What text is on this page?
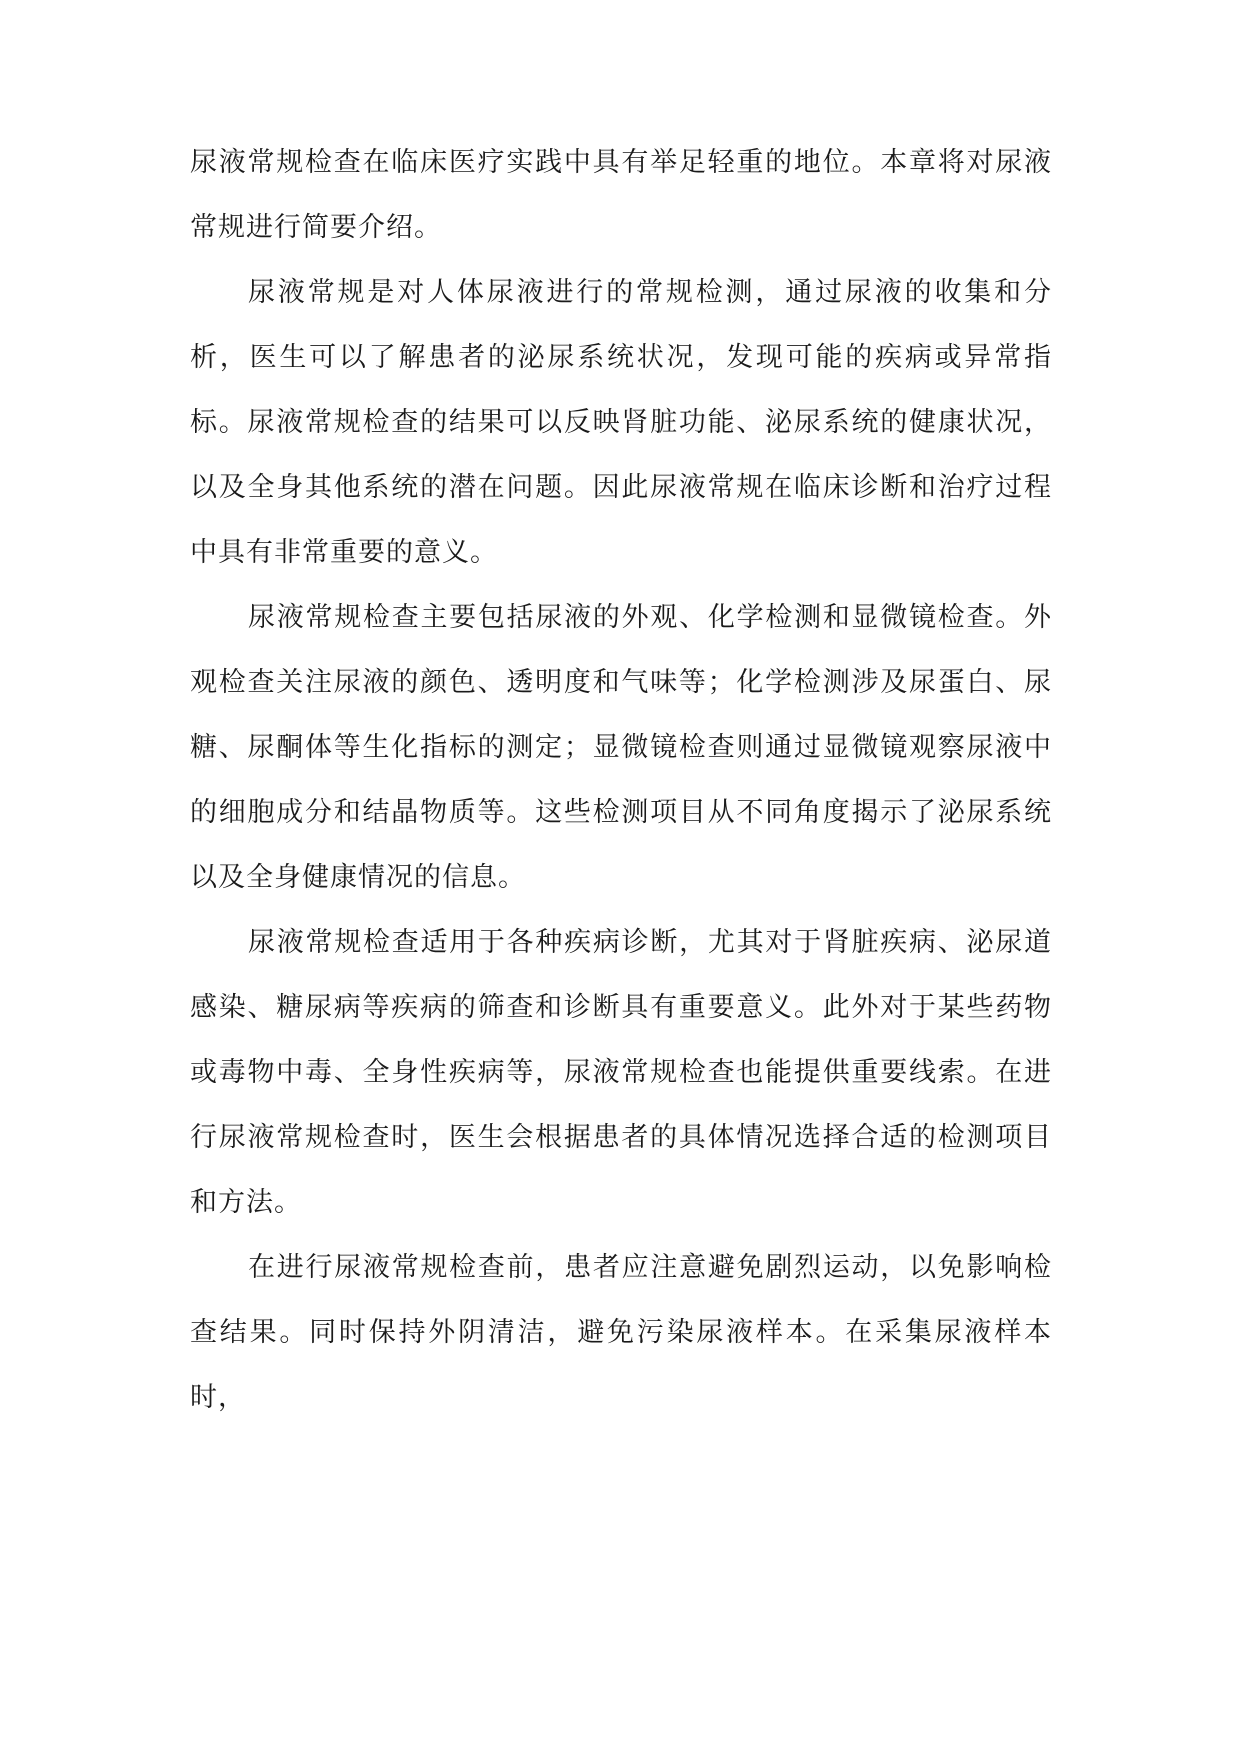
尿液常规检查在临床医疗实践中具有举足轻重的地位。本章将对尿液常规进行简要介绍。

尿液常规是对人体尿液进行的常规检测，通过尿液的收集和分析，医生可以了解患者的泌尿系统状况，发现可能的疾病或异常指标。尿液常规检查的结果可以反映肾脏功能、泌尿系统的健康状况，以及全身其他系统的潜在问题。因此尿液常规在临床诊断和治疗过程中具有非常重要的意义。

尿液常规检查主要包括尿液的外观、化学检测和显微镜检查。外观检查关注尿液的颜色、透明度和气味等；化学检测涉及尿蛋白、尿糖、尿酮体等生化指标的测定；显微镜检查则通过显微镜观察尿液中的细胞成分和结晶物质等。这些检测项目从不同角度揭示了泌尿系统以及全身健康情况的信息。

尿液常规检查适用于各种疾病诊断，尤其对于肾脏疾病、泌尿道感染、糖尿病等疾病的筛查和诊断具有重要意义。此外对于某些药物或毒物中毒、全身性疾病等，尿液常规检查也能提供重要线索。在进行尿液常规检查时，医生会根据患者的具体情况选择合适的检测项目和方法。

在进行尿液常规检查前，患者应注意避免剧烈运动，以免影响检查结果。同时保持外阴清洁，避免污染尿液样本。在采集尿液样本时，
